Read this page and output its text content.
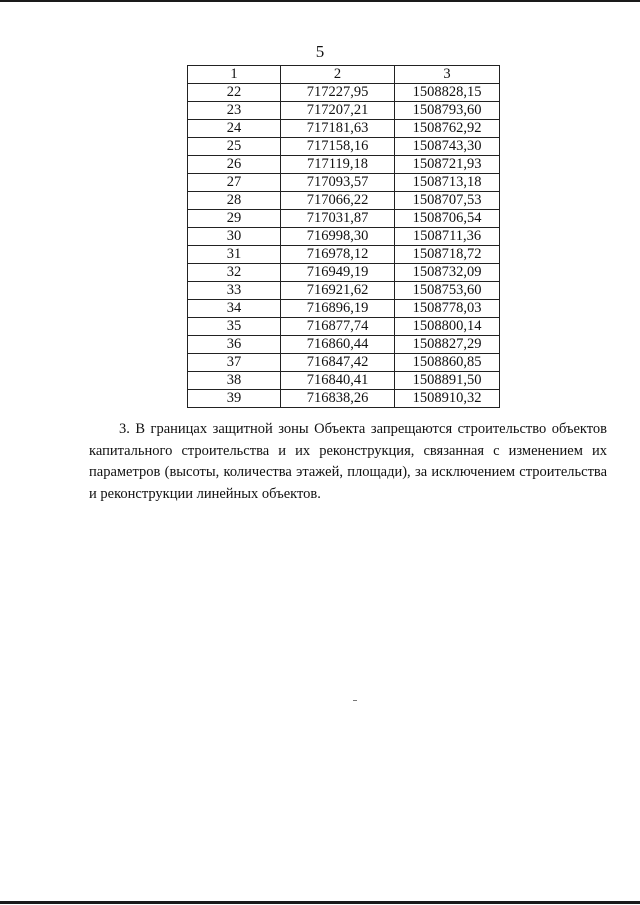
5
1	2	3
22	717227,95	1508828,15
23	717207,21	1508793,60
24	717181,63	1508762,92
25	717158,16	1508743,30
26	717119,18	1508721,93
27	717093,57	1508713,18
28	717066,22	1508707,53
29	717031,87	1508706,54
30	716998,30	1508711,36
31	716978,12	1508718,72
32	716949,19	1508732,09
33	716921,62	1508753,60
34	716896,19	1508778,03
35	716877,74	1508800,14
36	716860,44	1508827,29
37	716847,42	1508860,85
38	716840,41	1508891,50
39	716838,26	1508910,32

3. В границах защитной зоны Объекта запрещаются строительство объектов капитального строительства и их реконструкция, связанная с изменением их параметров (высоты, количества этажей, площади), за исключением строительства и реконструкции линейных объектов.
